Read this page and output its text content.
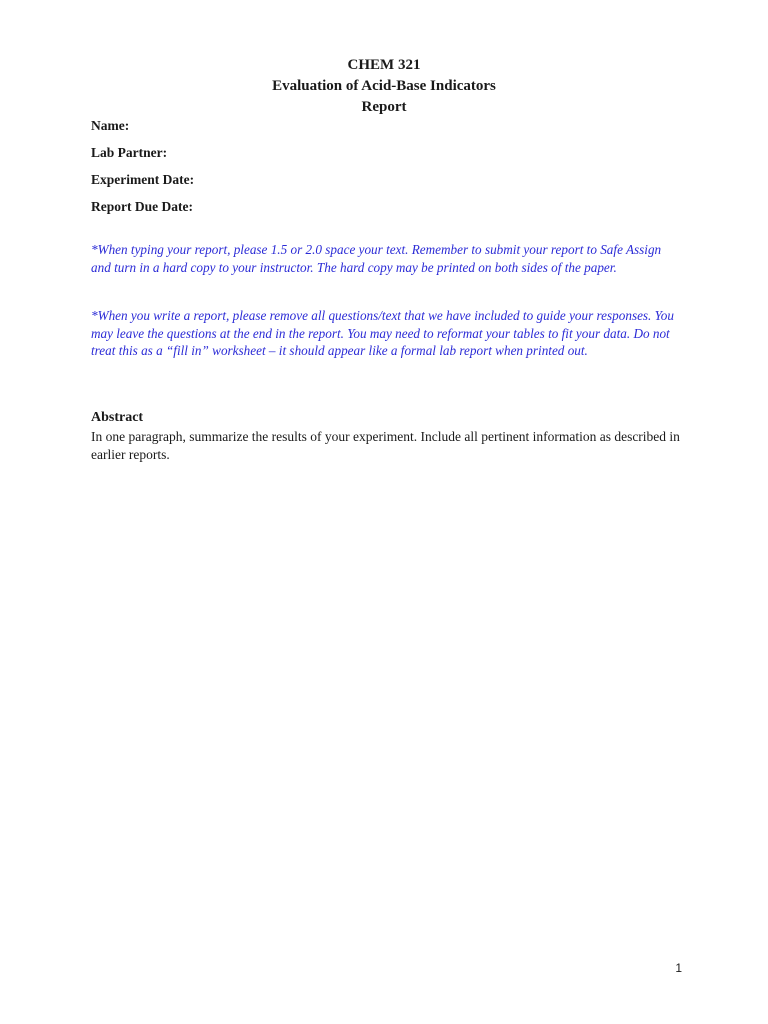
CHEM 321
Evaluation of Acid-Base Indicators
Report
Name:
Lab Partner:
Experiment Date:
Report Due Date:

*When typing your report, please 1.5 or 2.0 space your text. Remember to submit your report to Safe Assign and turn in a hard copy to your instructor. The hard copy may be printed on both sides of the paper.

*When you write a report, please remove all questions/text that we have included to guide your responses. You may leave the questions at the end in the report. You may need to reformat your tables to fit your data. Do not treat this as a “fill in” worksheet – it should appear like a formal lab report when printed out.

Abstract

In one paragraph, summarize the results of your experiment. Include all pertinent information as described in earlier reports.

1
